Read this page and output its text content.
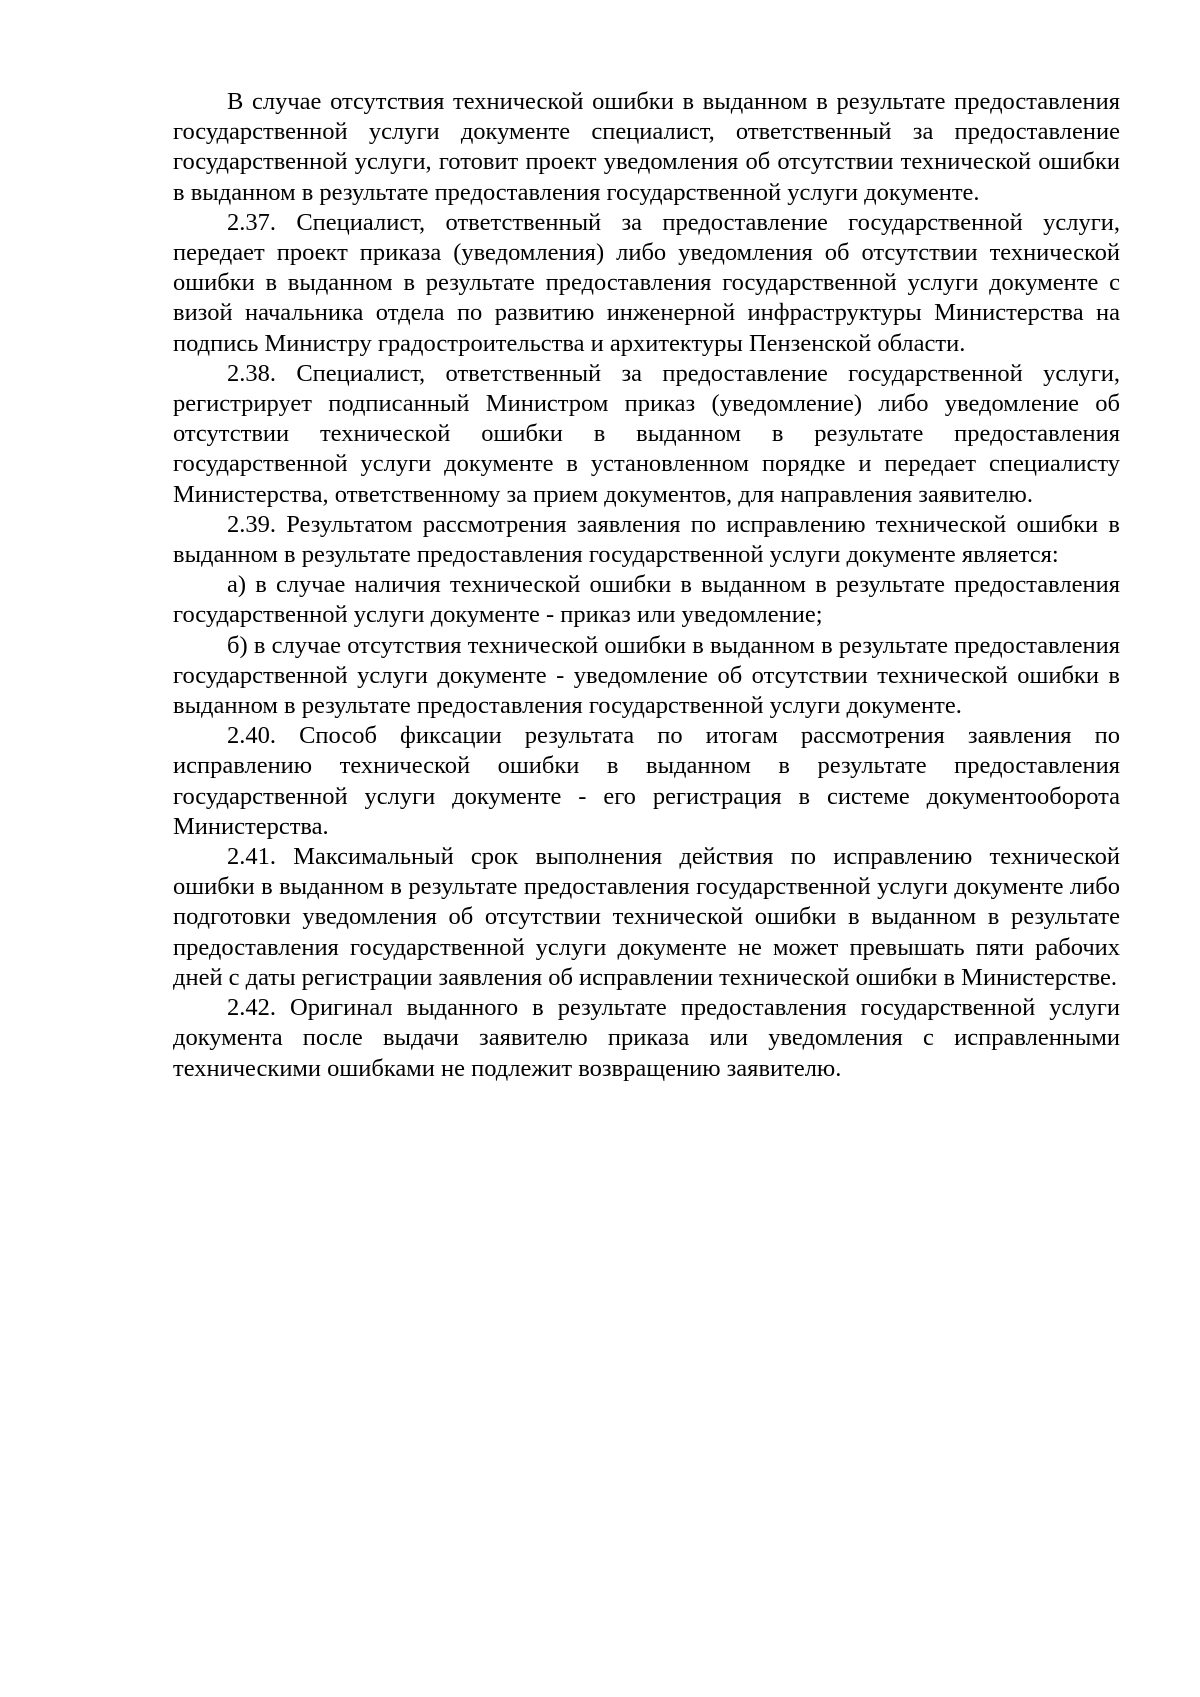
В случае отсутствия технической ошибки в выданном в результате предоставления государственной услуги документе специалист, ответственный за предоставление государственной услуги, готовит проект уведомления об отсутствии технической ошибки в выданном в результате предоставления государственной услуги документе.

2.37. Специалист, ответственный за предоставление государственной услуги, передает проект приказа (уведомления) либо уведомления об отсутствии технической ошибки в выданном в результате предоставления государственной услуги документе с визой начальника отдела по развитию инженерной инфраструктуры Министерства на подпись Министру градостроительства и архитектуры Пензенской области.

2.38. Специалист, ответственный за предоставление государственной услуги, регистрирует подписанный Министром приказ (уведомление) либо уведомление об отсутствии технической ошибки в выданном в результате предоставления государственной услуги документе в установленном порядке и передает специалисту Министерства, ответственному за прием документов, для направления заявителю.

2.39. Результатом рассмотрения заявления по исправлению технической ошибки в выданном в результате предоставления государственной услуги документе является:

а) в случае наличия технической ошибки в выданном в результате предоставления государственной услуги документе - приказ или уведомление;

б) в случае отсутствия технической ошибки в выданном в результате предоставления государственной услуги документе - уведомление об отсутствии технической ошибки в выданном в результате предоставления государственной услуги документе.

2.40. Способ фиксации результата по итогам рассмотрения заявления по исправлению технической ошибки в выданном в результате предоставления государственной услуги документе - его регистрация в системе документооборота Министерства.

2.41. Максимальный срок выполнения действия по исправлению технической ошибки в выданном в результате предоставления государственной услуги документе либо подготовки уведомления об отсутствии технической ошибки в выданном в результате предоставления государственной услуги документе не может превышать пяти рабочих дней с даты регистрации заявления об исправлении технической ошибки в Министерстве.

2.42. Оригинал выданного в результате предоставления государственной услуги документа после выдачи заявителю приказа или уведомления с исправленными техническими ошибками не подлежит возвращению заявителю.
